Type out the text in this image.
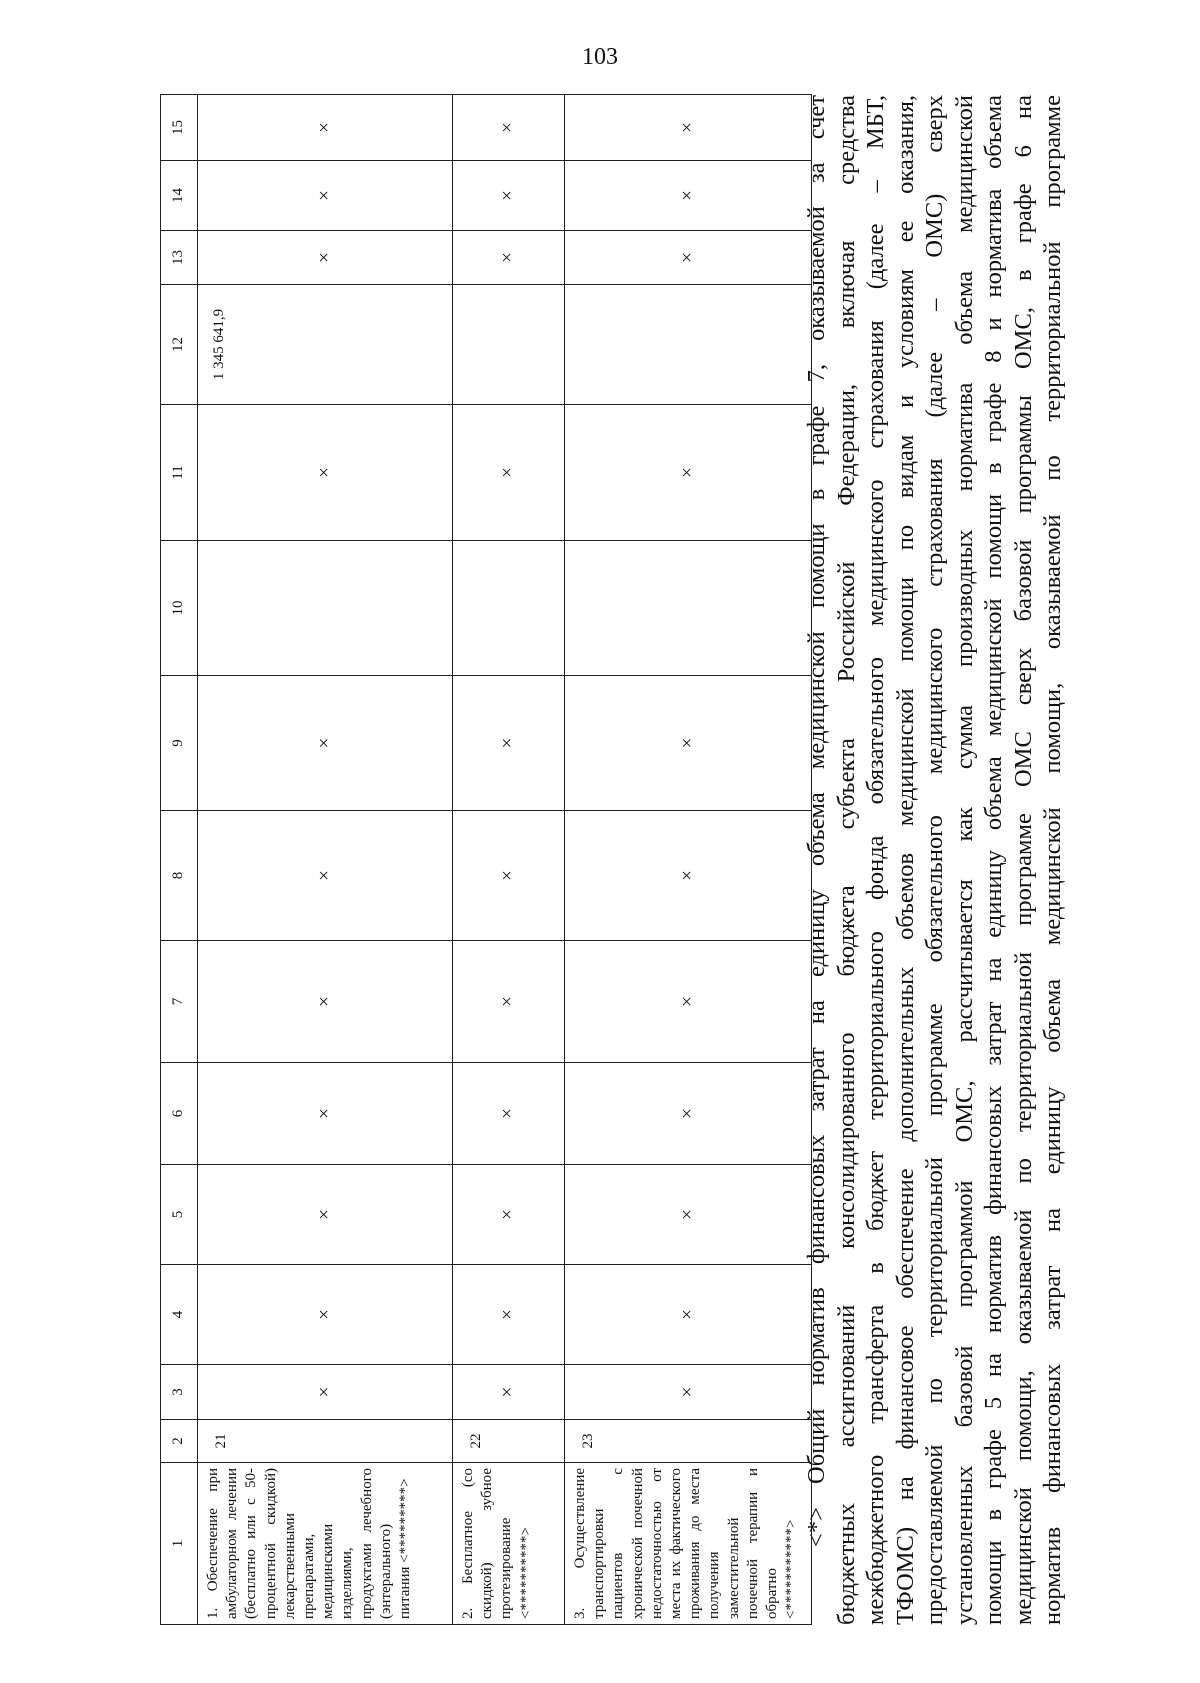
103
1	2	3	4	5	6	7	8	9	10	11	12	13	14	15
1. Обеспечение при амбулаторном лечении (бесплатно или с 50-процентной скидкой) лекарственными препаратами, медицинскими изделиями, продуктами лечебного (энтерального) питания <*********>	21	×	×	×	×	×	×	×		×	1 345 641,9	×	×	×
2. Бесплатное (со скидкой) зубное протезирование <**********>	22	×	×	×	×	×	×	×		×		×	×	×
3. Осуществление транспортировки пациентов с хронической почечной недостаточностью от места их фактического проживания до места получения заместительной почечной терапии и обратно <***********>	23	×	×	×	×	×	×	×		×		×	×	×	<*> Общий норматив финансовых затрат на единицу объема медицинской помощи в графе 7, оказываемой за счет бюджетных ассигнований консолидированного бюджета субъекта Российской Федерации, включая средства межбюджетного трансферта в бюджет территориального фонда обязательного медицинского страхования (далее – МБТ, ТФОМС) на финансовое обеспечение дополнительных объемов медицинской помощи по видам и условиям ее оказания, предоставляемой по территориальной программе обязательного медицинского страхования (далее – ОМС) сверх установленных базовой программой ОМС, рассчитывается как сумма производных норматива объема медицинской помощи в графе 5 на норматив финансовых затрат на единицу объема медицинской помощи в графе 8 и норматива объема медицинской помощи, оказываемой по территориальной программе ОМС сверх базовой программы ОМС, в графе 6 на норматив финансовых затрат на единицу объема медицинской помощи, оказываемой по территориальной программе
